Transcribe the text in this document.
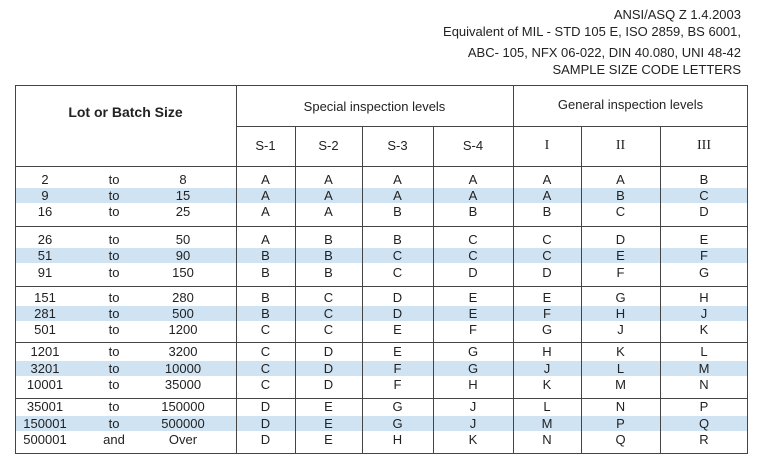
ANSI/ASQ Z 1.4.2003
Equivalent of MIL - STD 105 E, ISO 2859, BS 6001,
ABC- 105, NFX 06-022, DIN 40.080, UNI 48-42
SAMPLE SIZE CODE LETTERS
Lot or Batch Size	Special inspection levels	General inspection levels
S-1	S-2	S-3	S-4	I	II	III
2	to	8	A	A	A	A	A	A	B
9	to	15	A	A	A	A	A	B	C
16	to	25	A	A	B	B	B	C	D
26	to	50	A	B	B	C	C	D	E
51	to	90	B	B	C	C	C	E	F
91	to	150	B	B	C	D	D	F	G
151	to	280	B	C	D	E	E	G	H
281	to	500	B	C	D	E	F	H	J
501	to	1200	C	C	E	F	G	J	K
1201	to	3200	C	D	E	G	H	K	L
3201	to	10000	C	D	F	G	J	L	M
10001	to	35000	C	D	F	H	K	M	N
35001	to	150000	D	E	G	J	L	N	P
150001	to	500000	D	E	G	J	M	P	Q
500001	and	Over	D	E	H	K	N	Q	R
